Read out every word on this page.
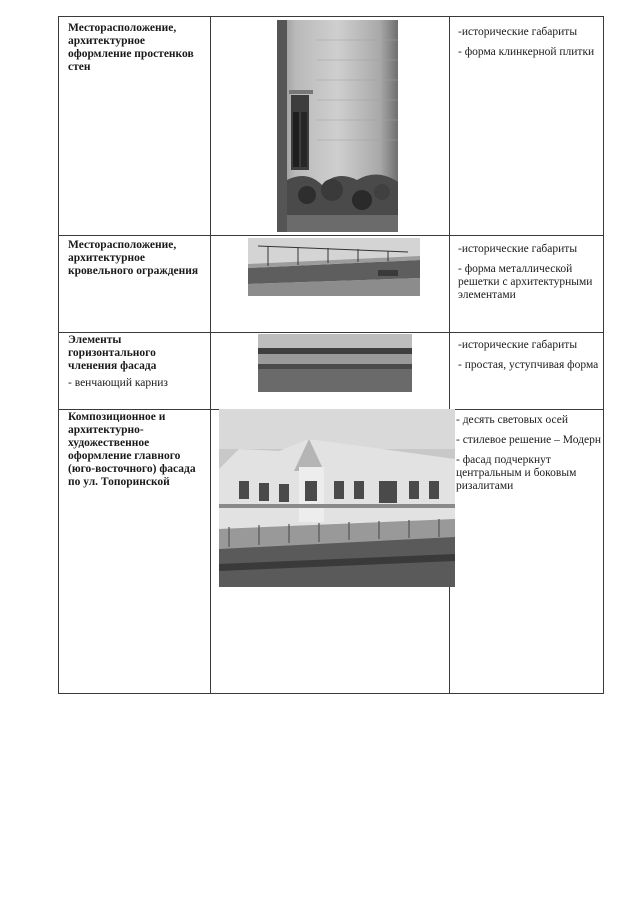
Месторасположение, архитектурное оформление простенков стен

-исторические габариты

- форма клинкерной плитки

Месторасположение, архитектурное кровельного ограждения

-исторические габариты

- форма металлической решетки с архитектурными элементами

Элементы горизонтального членения фасада
- венчающий карниз

-исторические габариты

- простая, уступчивая форма

Композиционное и архитектурно-художественное оформление главного (юго-восточного) фасада по ул. Топоринской

- десять световых осей

- стилевое решение – Модерн

- фасад подчеркнут центральным и боковым ризалитами
